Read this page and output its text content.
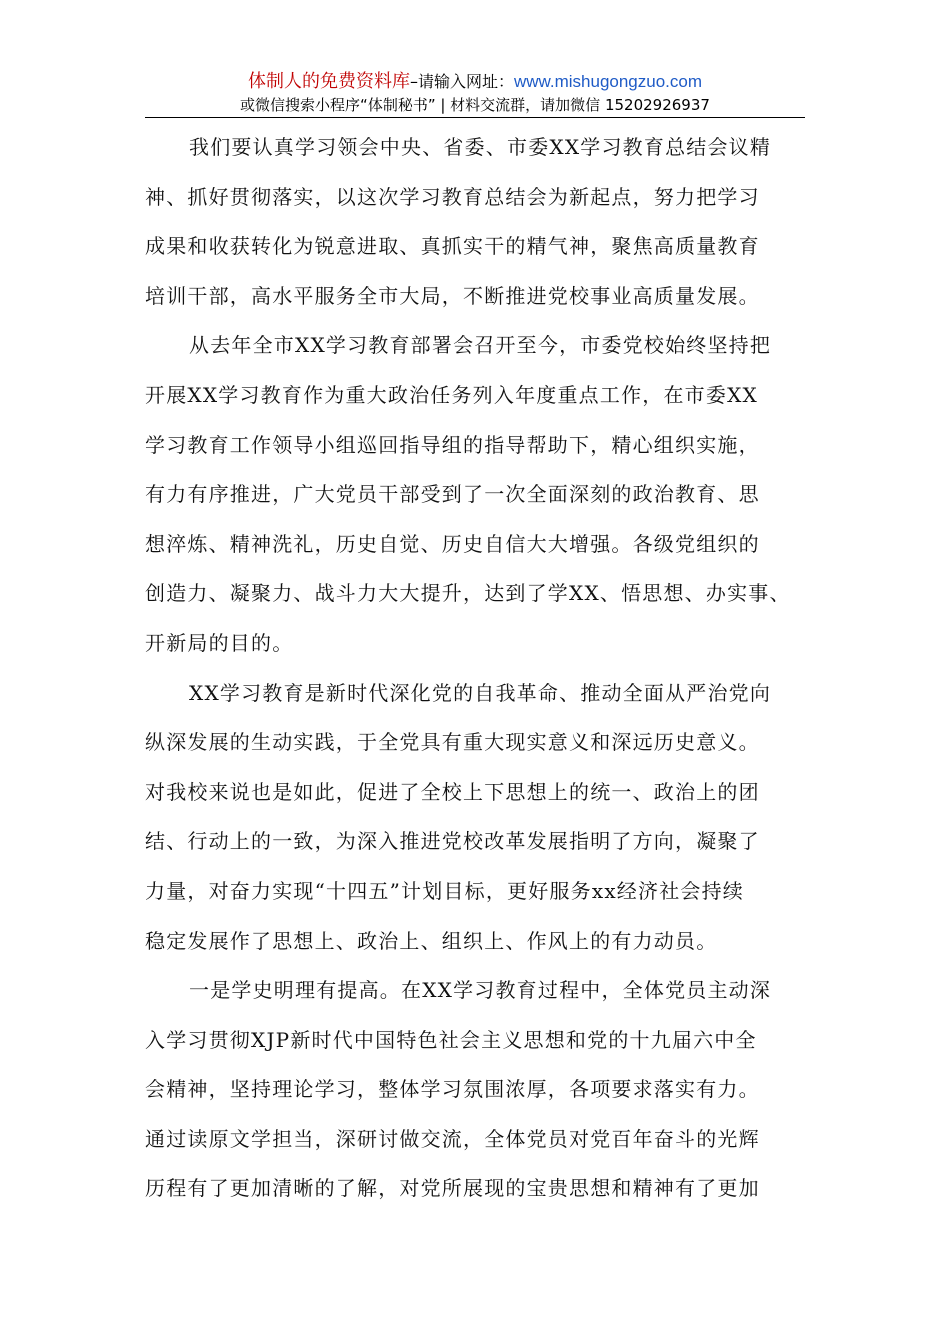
体制人的免费资料库–请输入网址：www.mishugongzuo.com
或微信搜索小程序“体制秘书” | 材料交流群，请加微信 15202926937
我们要认真学习领会中央、省委、市委XX学习教育总结会议精
神、抓好贯彻落实，以这次学习教育总结会为新起点，努力把学习
成果和收获转化为锐意进取、真抓实干的精气神，聚焦高质量教育
培训干部，高水平服务全市大局，不断推进党校事业高质量发展。
从去年全市XX学习教育部署会召开至今，市委党校始终坚持把
开展XX学习教育作为重大政治任务列入年度重点工作，在市委XX
学习教育工作领导小组巡回指导组的指导帮助下，精心组织实施，
有力有序推进，广大党员干部受到了一次全面深刻的政治教育、思
想淬炼、精神洗礼，历史自觉、历史自信大大增强。各级党组织的
创造力、凝聚力、战斗力大大提升，达到了学XX、悟思想、办实事、
开新局的目的。
XX学习教育是新时代深化党的自我革命、推动全面从严治党向
纵深发展的生动实践，于全党具有重大现实意义和深远历史意义。
对我校来说也是如此，促进了全校上下思想上的统一、政治上的团
结、行动上的一致，为深入推进党校改革发展指明了方向，凝聚了
力量，对奋力实现“十四五”计划目标，更好服务xx经济社会持续
稳定发展作了思想上、政治上、组织上、作风上的有力动员。
一是学史明理有提高。在XX学习教育过程中，全体党员主动深
入学习贯彻XJP新时代中国特色社会主义思想和党的十九届六中全
会精神，坚持理论学习，整体学习氛围浓厚，各项要求落实有力。
通过读原文学担当，深研讨做交流，全体党员对党百年奋斗的光辉
历程有了更加清晰的了解，对党所展现的宝贵思想和精神有了更加
